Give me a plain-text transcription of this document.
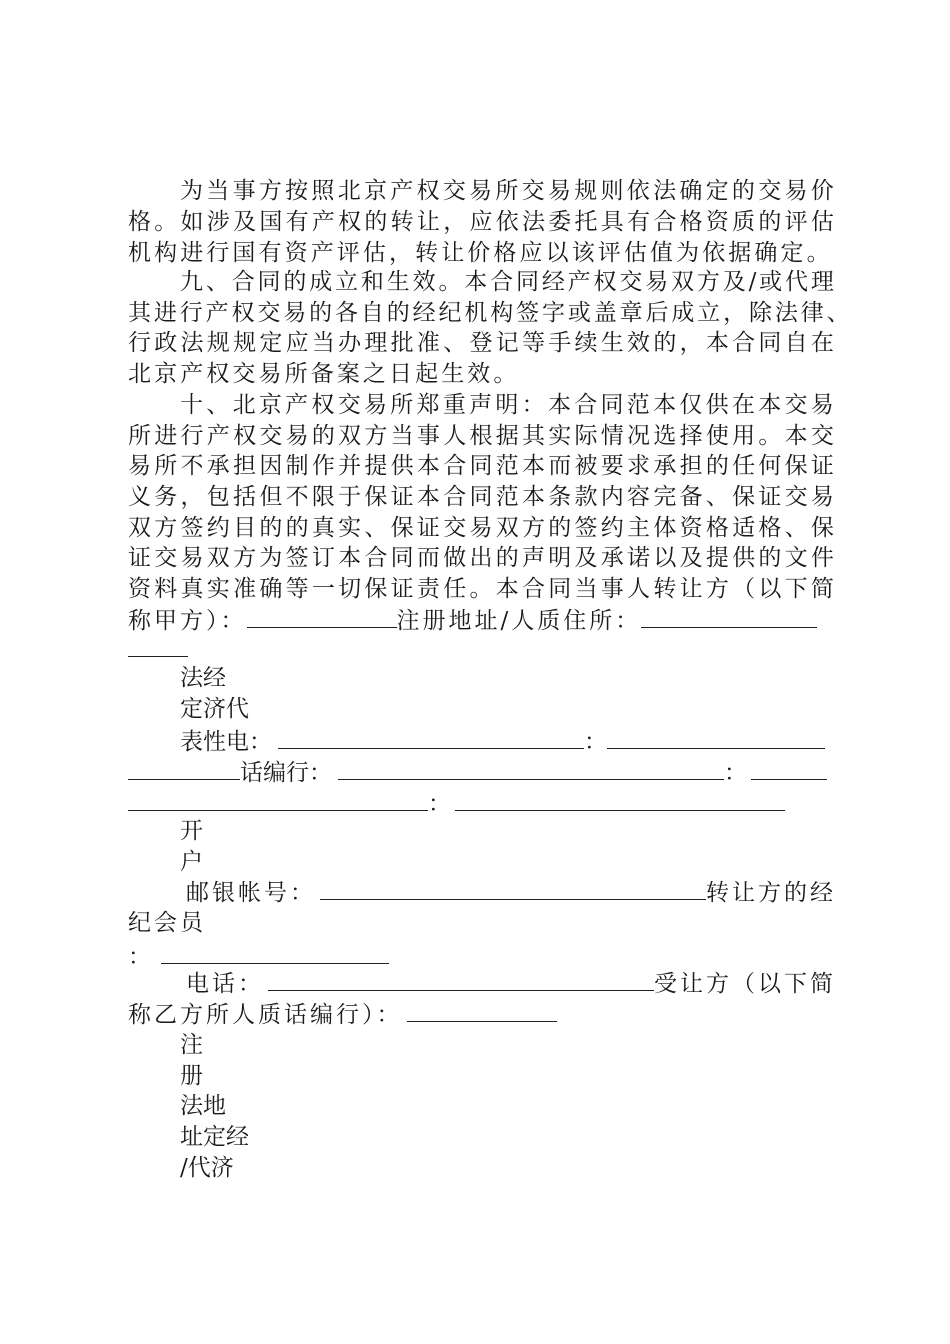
为 当 事 方 按 照 北 京 产 权 交 易 所 交 易 规 则 依 法 确 定 的 交 易 价
格 。 如 涉 及 国 有 产 权 的 转 让 ， 应 依 法 委 托 具 有 合 格 资 质 的 评 估
机构进行国有资产评估，转让价格应以该评估值为依据确定。
九 、 合 同 的 成 立 和 生 效 。 本 合 同 经 产 权 交 易 双 方 及 / 或 代 理
其 进 行 产 权 交 易 的 各 自 的 经 纪 机 构 签 字 或 盖 章 后 成 立 ， 除 法 律 、
行 政 法 规 规 定 应 当 办 理 批 准 、 登 记 等 手 续 生 效 的 ， 本 合 同 自 在
北京产权交易所备案之日起生效。
十 、 北 京 产 权 交 易 所 郑 重 声 明 ： 本 合 同 范 本 仅 供 在 本 交 易
所 进 行 产 权 交 易 的 双 方 当 事 人 根 据 其 实 际 情 况 选 择 使 用 。 本 交
易 所 不 承 担 因 制 作 并 提 供 本 合 同 范 本 而 被 要 求 承 担 的 任 何 保 证
义 务 ， 包 括 但 不 限 于 保 证 本 合 同 范 本 条 款 内 容 完 备 、 保 证 交 易
双 方 签 约 目 的 的 真 实 、 保 证 交 易 双 方 的 签 约 主 体 资 格 适 格 、 保
证 交 易 双 方 为 签 订 本 合 同 而 做 出 的 声 明 及 承 诺 以 及 提 供 的 文 件
资 料 真 实 准 确 等 一 切 保 证 责 任 。 本 合 同 当 事 人 转 让 方 （ 以 下 简
称甲方）：	注册地址/人质住所：
法经
定济代
表性电：	：
话编行：	：
：
开
户
邮银帐号：	转让方的经
纪会员
：
电话：	受让方（以下简
称乙方所人质话编行）：
注
册
法地
址定经
/代济
